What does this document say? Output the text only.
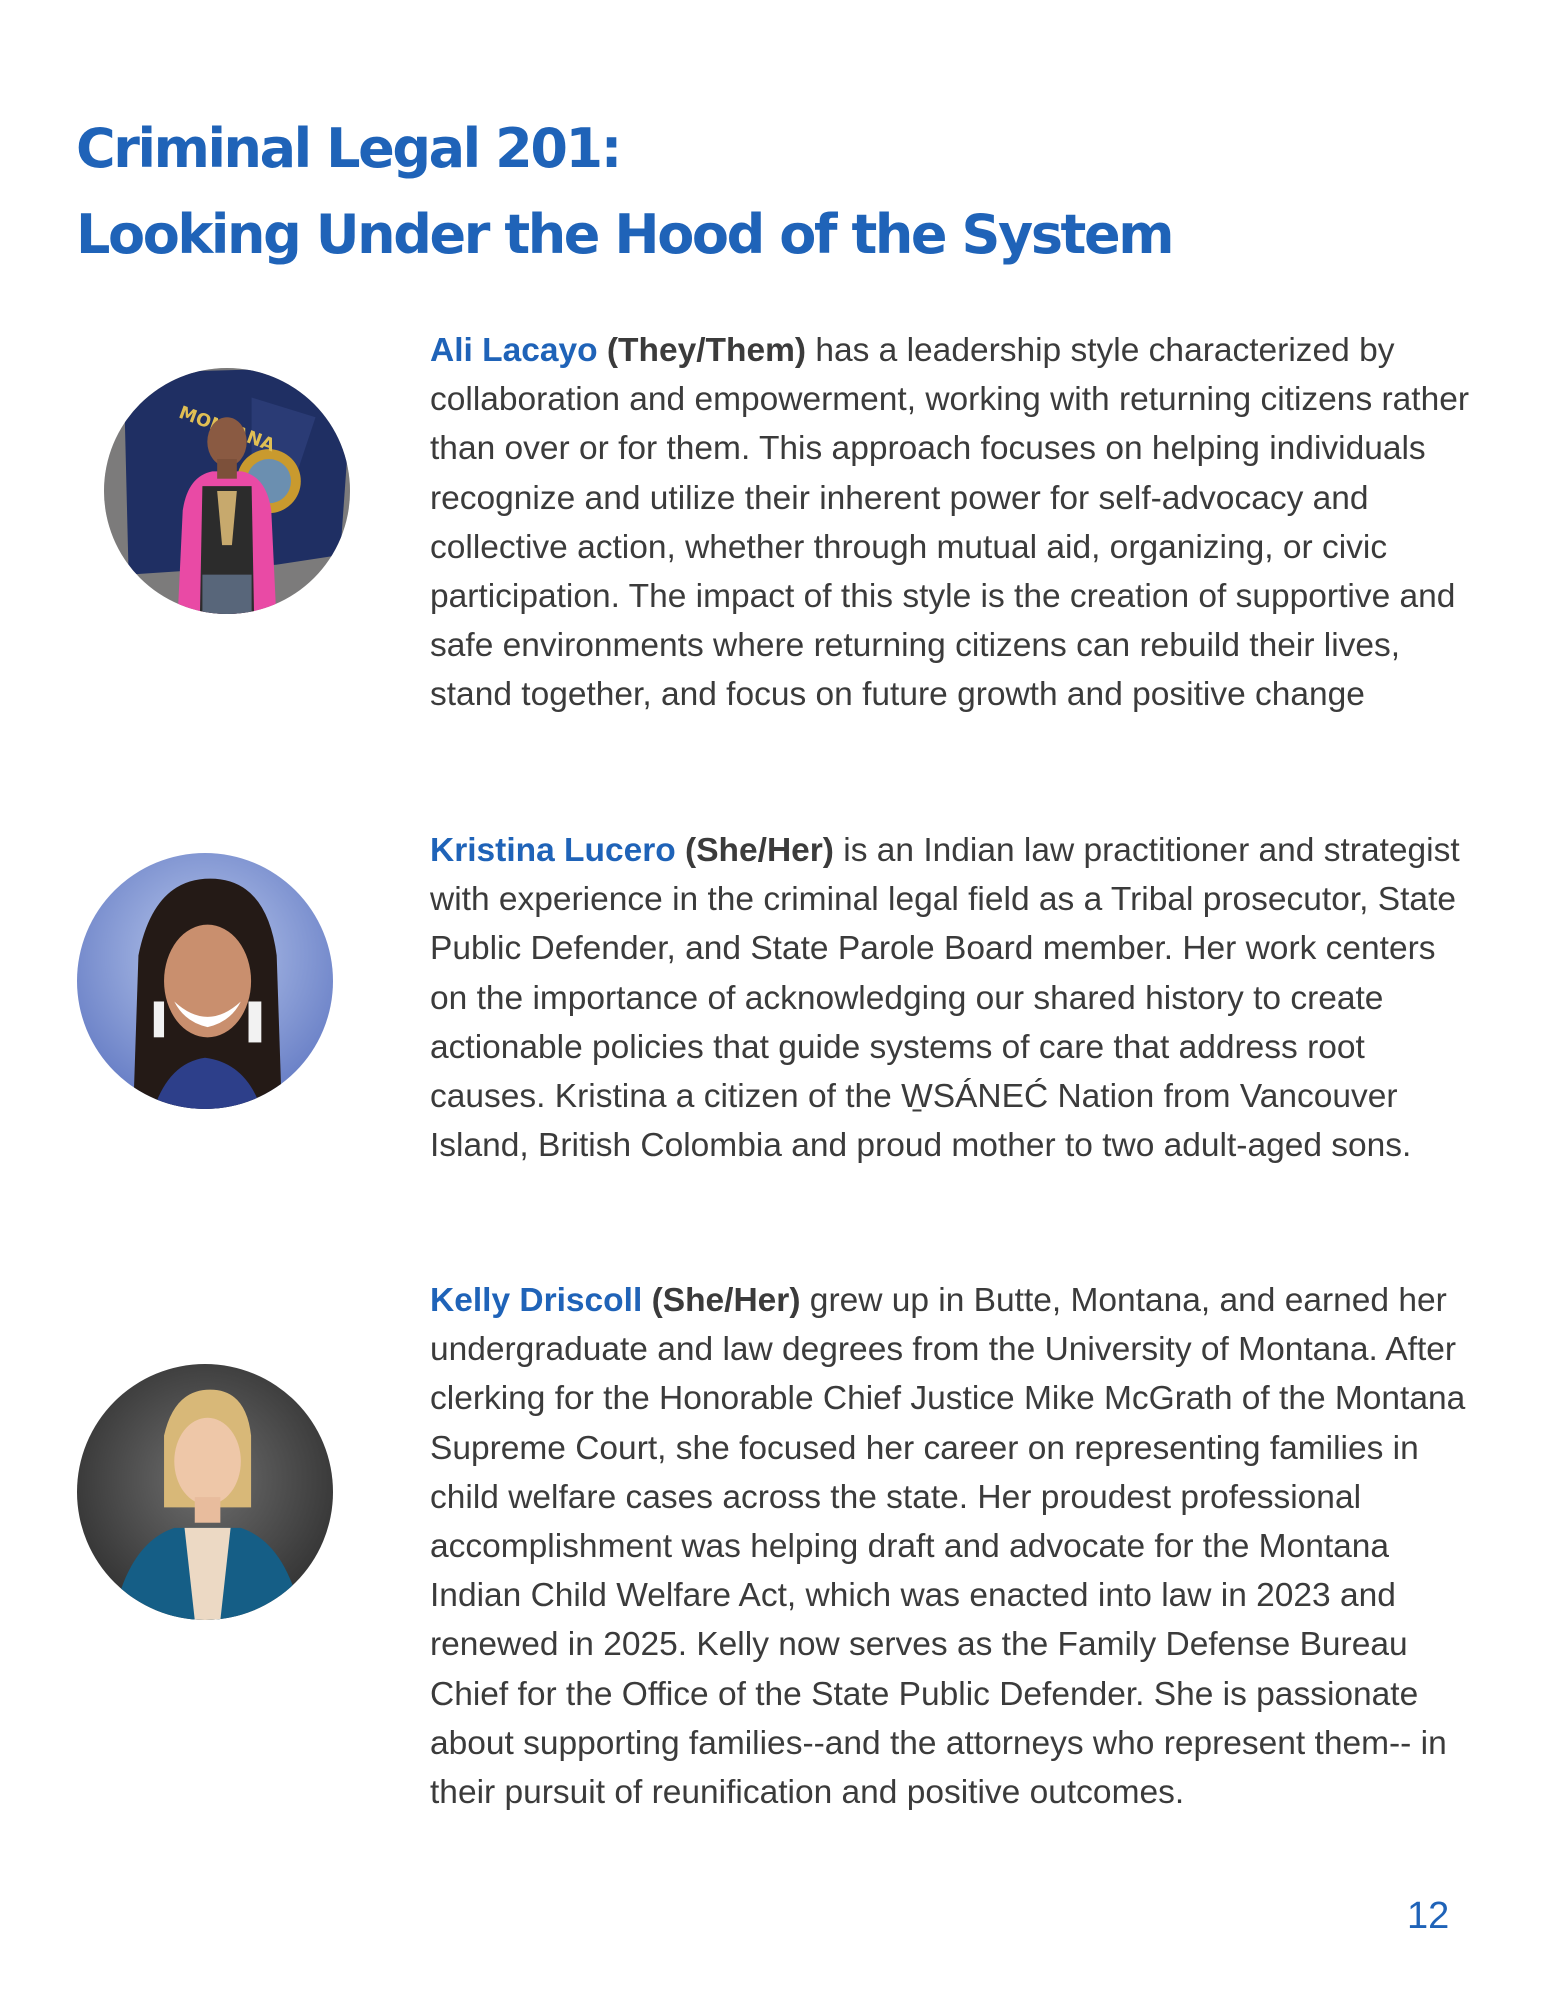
Criminal Legal 201:
Looking Under the Hood of the System

Ali Lacayo (They/Them) has a leadership style characterized by collaboration and empowerment, working with returning citizens rather than over or for them. This approach focuses on helping individuals recognize and utilize their inherent power for self-advocacy and collective action, whether through mutual aid, organizing, or civic participation. The impact of this style is the creation of supportive and safe environments where returning citizens can rebuild their lives, stand together, and focus on future growth and positive change

Kristina Lucero (She/Her) is an Indian law practitioner and strategist with experience in the criminal legal field as a Tribal prosecutor, State Public Defender, and State Parole Board member. Her work centers on the importance of acknowledging our shared history to create actionable policies that guide systems of care that address root causes. Kristina a citizen of the W̱SÁNEĆ Nation from Vancouver Island, British Colombia and proud mother to two adult-aged sons.

Kelly Driscoll (She/Her) grew up in Butte, Montana, and earned her undergraduate and law degrees from the University of Montana. After clerking for the Honorable Chief Justice Mike McGrath of the Montana Supreme Court, she focused her career on representing families in child welfare cases across the state. Her proudest professional accomplishment was helping draft and advocate for the Montana Indian Child Welfare Act, which was enacted into law in 2023 and renewed in 2025. Kelly now serves as the Family Defense Bureau Chief for the Office of the State Public Defender. She is passionate about supporting families--and the attorneys who represent them-- in their pursuit of reunification and positive outcomes.

12
